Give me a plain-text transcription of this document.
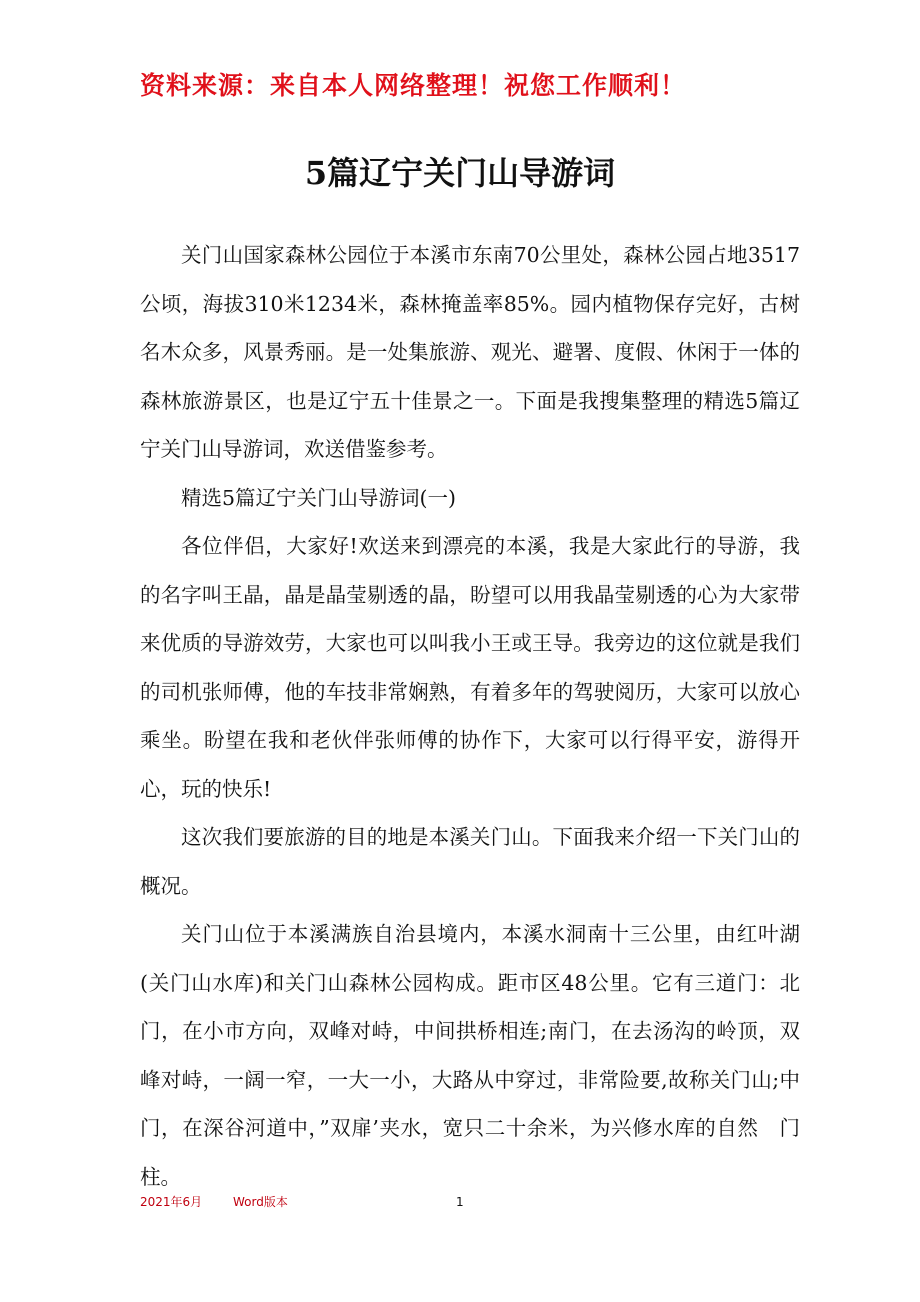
资料来源：来自本人网络整理！祝您工作顺利！
5篇辽宁关门山导游词

关门山国家森林公园位于本溪市东南70公里处，森林公园占地3517公顷，海拔310米1234米，森林掩盖率85%。园内植物保存完好，古树名木众多，风景秀丽。是一处集旅游、观光、避署、度假、休闲于一体的森林旅游景区，也是辽宁五十佳景之一。下面是我搜集整理的精选5篇辽宁关门山导游词，欢送借鉴参考。

精选5篇辽宁关门山导游词(一)

各位伴侣，大家好!欢送来到漂亮的本溪，我是大家此行的导游，我的名字叫王晶，晶是晶莹剔透的晶，盼望可以用我晶莹剔透的心为大家带来优质的导游效劳，大家也可以叫我小王或王导。我旁边的这位就是我们的司机张师傅，他的车技非常娴熟，有着多年的驾驶阅历，大家可以放心乘坐。盼望在我和老伙伴张师傅的协作下，大家可以行得平安，游得开心，玩的快乐!

这次我们要旅游的目的地是本溪关门山。下面我来介绍一下关门山的概况。

关门山位于本溪满族自治县境内，本溪水洞南十三公里，由红叶湖(关门山水库)和关门山森林公园构成。距市区48公里。它有三道门：北门，在小市方向，双峰对峙，中间拱桥相连;南门，在去汤沟的岭顶，双峰对峙，一阔一窄，一大一小，大路从中穿过，非常险要,故称关门山;中门，在深谷河道中，”双扉’夹水，宽只二十余米，为兴修水库的自然　门柱。

2021年6月	Word版本	1
